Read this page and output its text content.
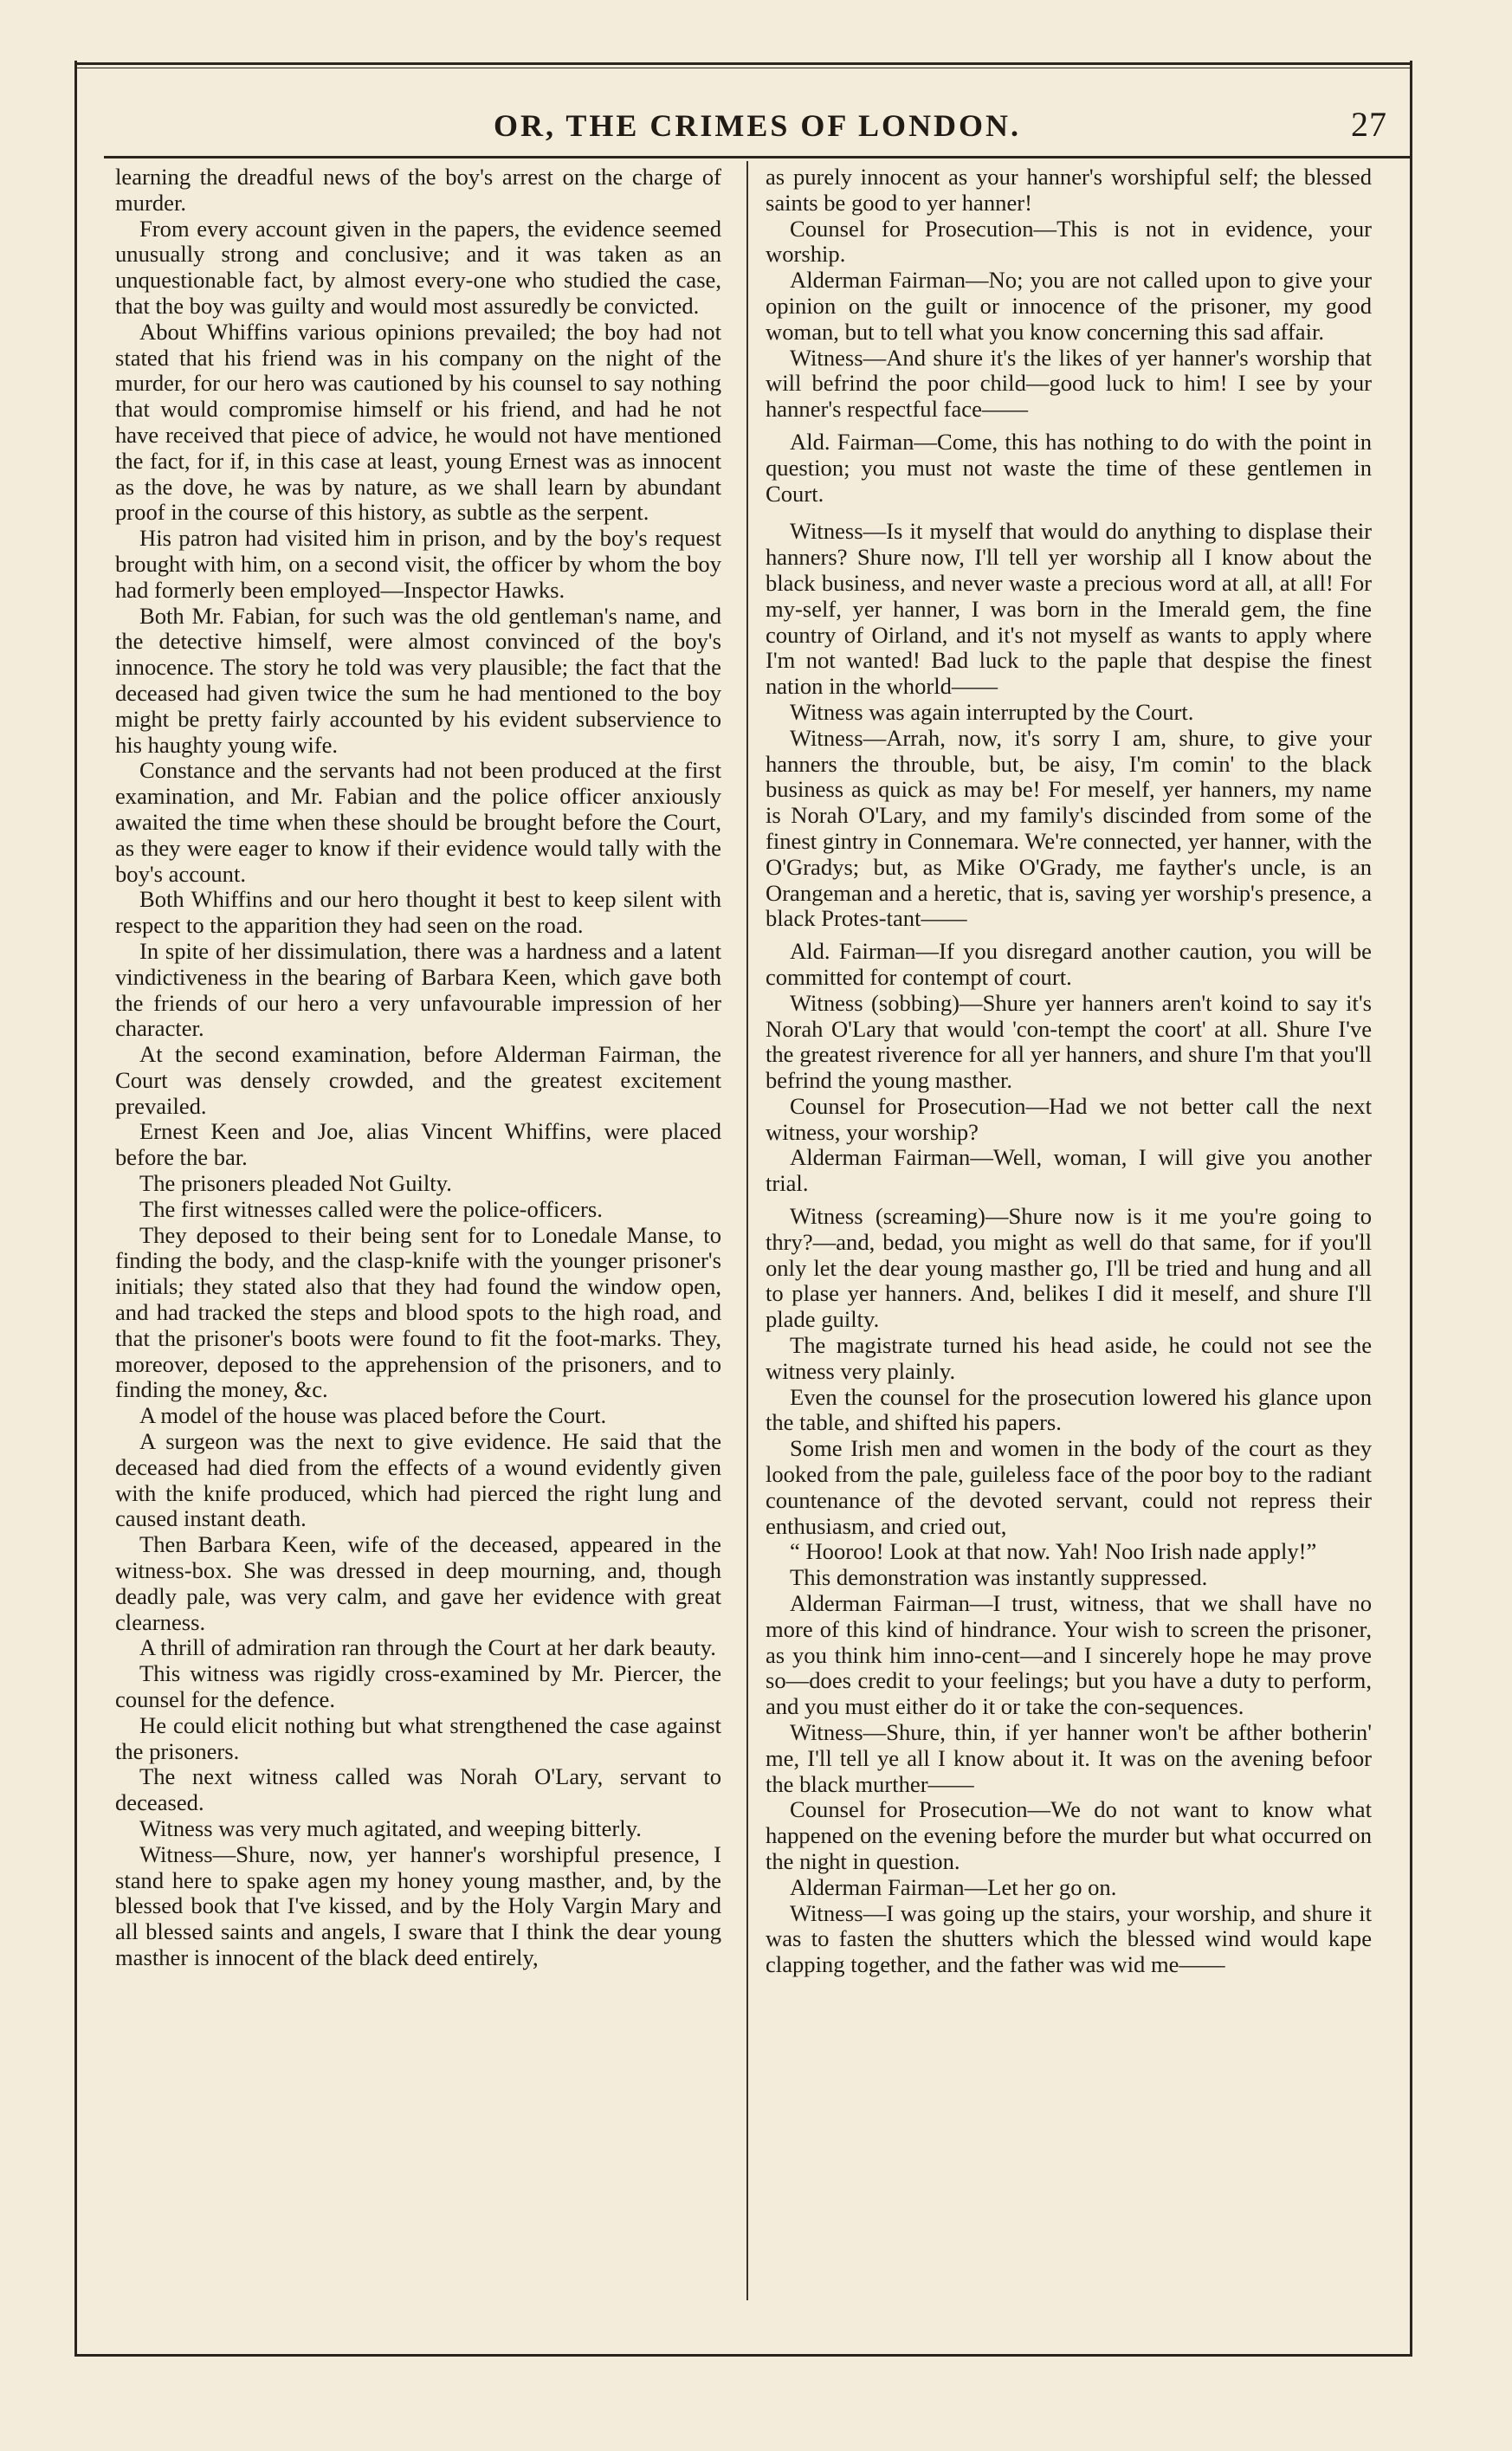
OR, THE CRIMES OF LONDON.	27

learning the dreadful news of the boy's arrest on the charge of murder.

From every account given in the papers, the evidence seemed unusually strong and conclusive; and it was taken as an unquestionable fact, by almost every-one who studied the case, that the boy was guilty and would most assuredly be convicted.

About Whiffins various opinions prevailed; the boy had not stated that his friend was in his company on the night of the murder, for our hero was cautioned by his counsel to say nothing that would compromise himself or his friend, and had he not have received that piece of advice, he would not have mentioned the fact, for if, in this case at least, young Ernest was as innocent as the dove, he was by nature, as we shall learn by abundant proof in the course of this history, as subtle as the serpent.

His patron had visited him in prison, and by the boy's request brought with him, on a second visit, the officer by whom the boy had formerly been employed—Inspector Hawks.

Both Mr. Fabian, for such was the old gentleman's name, and the detective himself, were almost convinced of the boy's innocence. The story he told was very plausible; the fact that the deceased had given twice the sum he had mentioned to the boy might be pretty fairly accounted by his evident subservience to his haughty young wife.

Constance and the servants had not been produced at the first examination, and Mr. Fabian and the police officer anxiously awaited the time when these should be brought before the Court, as they were eager to know if their evidence would tally with the boy's account.

Both Whiffins and our hero thought it best to keep silent with respect to the apparition they had seen on the road.

In spite of her dissimulation, there was a hardness and a latent vindictiveness in the bearing of Barbara Keen, which gave both the friends of our hero a very unfavourable impression of her character.

At the second examination, before Alderman Fairman, the Court was densely crowded, and the greatest excitement prevailed.

Ernest Keen and Joe, alias Vincent Whiffins, were placed before the bar.

The prisoners pleaded Not Guilty.

The first witnesses called were the police-officers.

They deposed to their being sent for to Lonedale Manse, to finding the body, and the clasp-knife with the younger prisoner's initials; they stated also that they had found the window open, and had tracked the steps and blood spots to the high road, and that the prisoner's boots were found to fit the foot-marks. They, moreover, deposed to the apprehension of the prisoners, and to finding the money, &c.

A model of the house was placed before the Court.

A surgeon was the next to give evidence. He said that the deceased had died from the effects of a wound evidently given with the knife produced, which had pierced the right lung and caused instant death.

Then Barbara Keen, wife of the deceased, appeared in the witness-box. She was dressed in deep mourning, and, though deadly pale, was very calm, and gave her evidence with great clearness.

A thrill of admiration ran through the Court at her dark beauty.

This witness was rigidly cross-examined by Mr. Piercer, the counsel for the defence.

He could elicit nothing but what strengthened the case against the prisoners.

The next witness called was Norah O'Lary, servant to deceased.

Witness was very much agitated, and weeping bitterly.

Witness—Shure, now, yer hanner's worshipful presence, I stand here to spake agen my honey young masther, and, by the blessed book that I've kissed, and by the Holy Vargin Mary and all blessed saints and angels, I sware that I think the dear young masther is innocent of the black deed entirely,

as purely innocent as your hanner's worshipful self; the blessed saints be good to yer hanner!

Counsel for Prosecution—This is not in evidence, your worship.

Alderman Fairman—No; you are not called upon to give your opinion on the guilt or innocence of the prisoner, my good woman, but to tell what you know concerning this sad affair.

Witness—And shure it's the likes of yer hanner's worship that will befrind the poor child—good luck to him! I see by your hanner's respectful face——

Ald. Fairman—Come, this has nothing to do with the point in question; you must not waste the time of these gentlemen in Court.

Witness—Is it myself that would do anything to displase their hanners? Shure now, I'll tell yer worship all I know about the black business, and never waste a precious word at all, at all! For my-self, yer hanner, I was born in the Imerald gem, the fine country of Oirland, and it's not myself as wants to apply where I'm not wanted! Bad luck to the paple that despise the finest nation in the whorld——

Witness was again interrupted by the Court.

Witness—Arrah, now, it's sorry I am, shure, to give your hanners the throuble, but, be aisy, I'm comin' to the black business as quick as may be! For meself, yer hanners, my name is Norah O'Lary, and my family's discinded from some of the finest gintry in Connemara. We're connected, yer hanner, with the O'Gradys; but, as Mike O'Grady, me fayther's uncle, is an Orangeman and a heretic, that is, saving yer worship's presence, a black Protes-tant——

Ald. Fairman—If you disregard another caution, you will be committed for contempt of court.

Witness (sobbing)—Shure yer hanners aren't koind to say it's Norah O'Lary that would 'con-tempt the coort' at all. Shure I've the greatest riverence for all yer hanners, and shure I'm that you'll befrind the young masther.

Counsel for Prosecution—Had we not better call the next witness, your worship?

Alderman Fairman—Well, woman, I will give you another trial.

Witness (screaming)—Shure now is it me you're going to thry?—and, bedad, you might as well do that same, for if you'll only let the dear young masther go, I'll be tried and hung and all to plase yer hanners. And, belikes I did it meself, and shure I'll plade guilty.

The magistrate turned his head aside, he could not see the witness very plainly.

Even the counsel for the prosecution lowered his glance upon the table, and shifted his papers.

Some Irish men and women in the body of the court as they looked from the pale, guileless face of the poor boy to the radiant countenance of the devoted servant, could not repress their enthusiasm, and cried out,

“ Hooroo! Look at that now. Yah! Noo Irish nade apply!”

This demonstration was instantly suppressed.

Alderman Fairman—I trust, witness, that we shall have no more of this kind of hindrance. Your wish to screen the prisoner, as you think him inno-cent—and I sincerely hope he may prove so—does credit to your feelings; but you have a duty to perform, and you must either do it or take the con-sequences.

Witness—Shure, thin, if yer hanner won't be afther botherin' me, I'll tell ye all I know about it. It was on the avening befoor the black murther——

Counsel for Prosecution—We do not want to know what happened on the evening before the murder but what occurred on the night in question.

Alderman Fairman—Let her go on.

Witness—I was going up the stairs, your worship, and shure it was to fasten the shutters which the blessed wind would kape clapping together, and the father was wid me——
